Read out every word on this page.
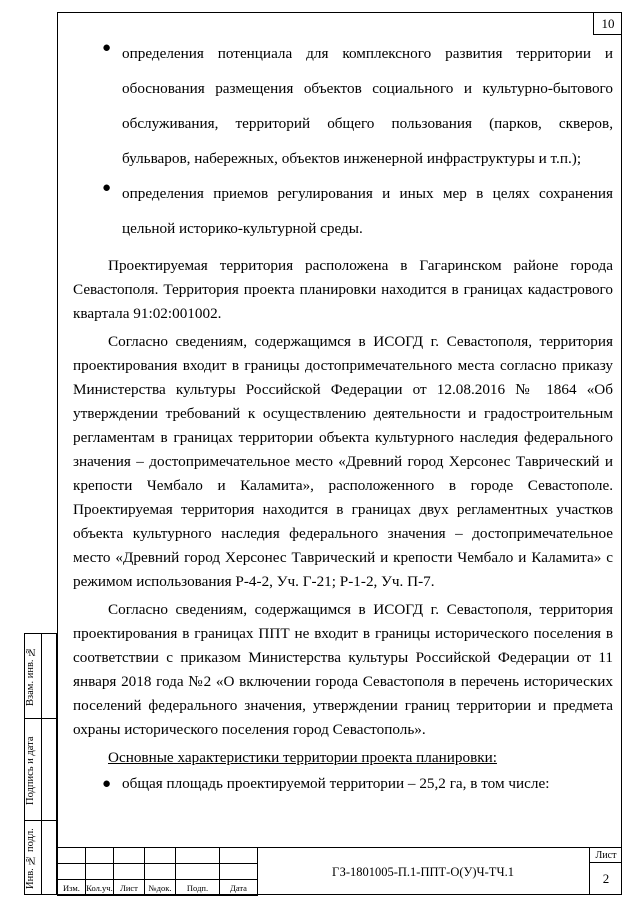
10
● определения потенциала для комплексного развития территории и обоснования размещения объектов социального и культурно-бытового обслуживания, территорий общего пользования (парков, скверов, бульваров, набережных, объектов инженерной инфраструктуры и т.п.);

● определения приемов регулирования и иных мер в целях сохранения цельной историко-культурной среды.

Проектируемая территория расположена в Гагаринском районе города Севастополя. Территория проекта планировки находится в границах кадастрового квартала 91:02:001002.

Согласно сведениям, содержащимся в ИСОГД г. Севастополя, территория проектирования входит в границы достопримечательного места согласно приказу Министерства культуры Российской Федерации от 12.08.2016 № 1864 «Об утверждении требований к осуществлению деятельности и градостроительным регламентам в границах территории объекта культурного наследия федерального значения – достопримечательное место «Древний город Херсонес Таврический и крепости Чембало и Каламита», расположенного в городе Севастополе. Проектируемая территория находится в границах двух регламентных участков объекта культурного наследия федерального значения – достопримечательное место «Древний город Херсонес Таврический и крепости Чембало и Каламита» с режимом использования Р-4-2, Уч. Г-21; Р-1-2, Уч. П-7.

Согласно сведениям, содержащимся в ИСОГД г. Севастополя, территория проектирования в границах ППТ не входит в границы исторического поселения в соответствии с приказом Министерства культуры Российской Федерации от 11 января 2018 года №2 «О включении города Севастополя в перечень исторических поселений федерального значения, утверждении границ территории и предмета охраны исторического поселения город Севастополь».

Основные характеристики территории проекта планировки:

● общая площадь проектируемой территории – 25,2 га, в том числе:

Взам. инв. №
Подпись и дата
Инв. № подл.

						Изм.	Кол.уч.	Лист	№док.	Подп.	Дата
ГЗ-1801005-П.1-ППТ-О(У)Ч-ТЧ.1
Лист
2
